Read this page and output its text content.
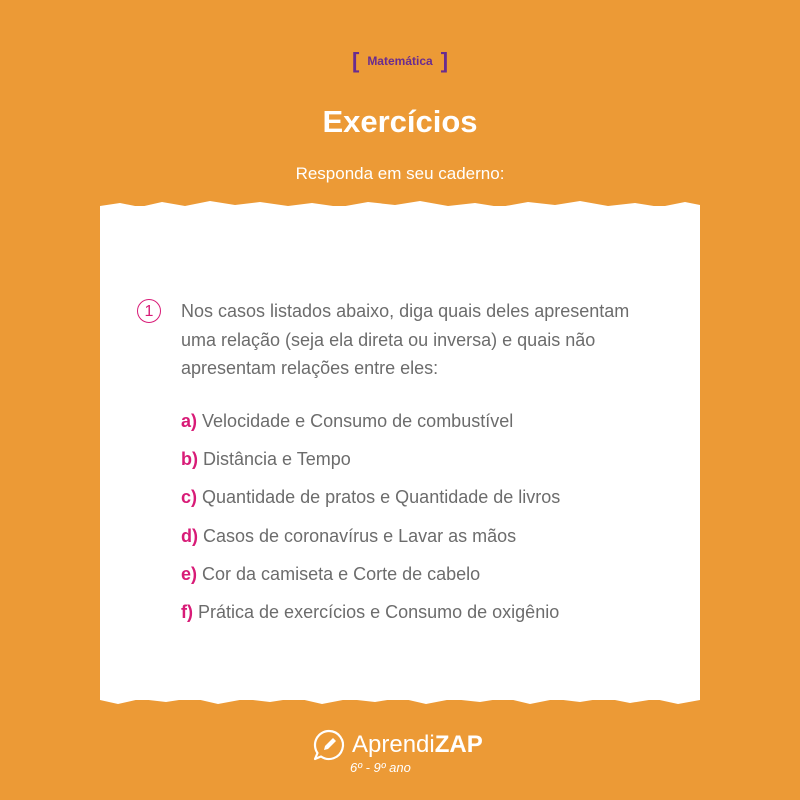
[ Matemática ]
Exercícios
Responda em seu caderno:
1	Nos casos listados abaixo, diga quais deles apresentam uma relação (seja ela direta ou inversa) e quais não apresentam relações entre eles:
a) Velocidade e Consumo de combustível
b) Distância e Tempo
c) Quantidade de pratos e Quantidade de livros
d) Casos de coronavírus e Lavar as mãos
e) Cor da camiseta e Corte de cabelo
f) Prática de exercícios e Consumo de oxigênio
AprendiZAP
6º - 9º ano
